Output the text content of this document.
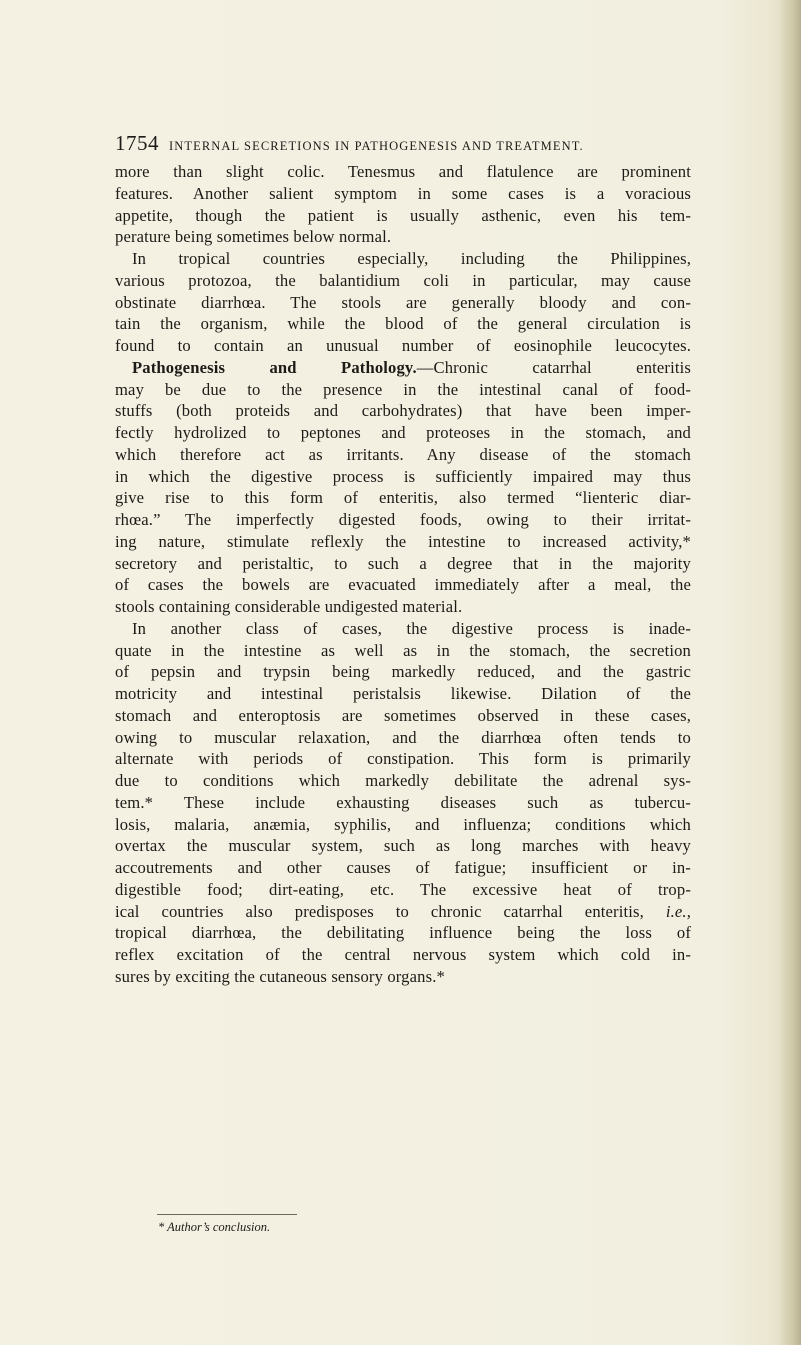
1754 INTERNAL SECRETIONS IN PATHOGENESIS AND TREATMENT.
more than slight colic. Tenesmus and flatulence are prominent
features. Another salient symptom in some cases is a voracious
appetite, though the patient is usually asthenic, even his tem-
perature being sometimes below normal.
In tropical countries especially, including the Philippines,
various protozoa, the balantidium coli in particular, may cause
obstinate diarrhœa. The stools are generally bloody and con-
tain the organism, while the blood of the general circulation is
found to contain an unusual number of eosinophile leucocytes.
Pathogenesis and Pathology.—Chronic catarrhal enteritis
may be due to the presence in the intestinal canal of food-
stuffs (both proteids and carbohydrates) that have been imper-
fectly hydrolized to peptones and proteoses in the stomach, and
which therefore act as irritants. Any disease of the stomach
in which the digestive process is sufficiently impaired may thus
give rise to this form of enteritis, also termed “lienteric diar-
rhœa.” The imperfectly digested foods, owing to their irritat-
ing nature, stimulate reflexly the intestine to increased activity,*
secretory and peristaltic, to such a degree that in the majority
of cases the bowels are evacuated immediately after a meal, the
stools containing considerable undigested material.
In another class of cases, the digestive process is inade-
quate in the intestine as well as in the stomach, the secretion
of pepsin and trypsin being markedly reduced, and the gastric
motricity and intestinal peristalsis likewise. Dilation of the
stomach and enteroptosis are sometimes observed in these cases,
owing to muscular relaxation, and the diarrhœa often tends to
alternate with periods of constipation. This form is primarily
due to conditions which markedly debilitate the adrenal sys-
tem.* These include exhausting diseases such as tubercu-
losis, malaria, anæmia, syphilis, and influenza; conditions which
overtax the muscular system, such as long marches with heavy
accoutrements and other causes of fatigue; insufficient or in-
digestible food; dirt-eating, etc. The excessive heat of trop-
ical countries also predisposes to chronic catarrhal enteritis, i.e.,
tropical diarrhœa, the debilitating influence being the loss of
reflex excitation of the central nervous system which cold in-
sures by exciting the cutaneous sensory organs.*
* Author’s conclusion.
